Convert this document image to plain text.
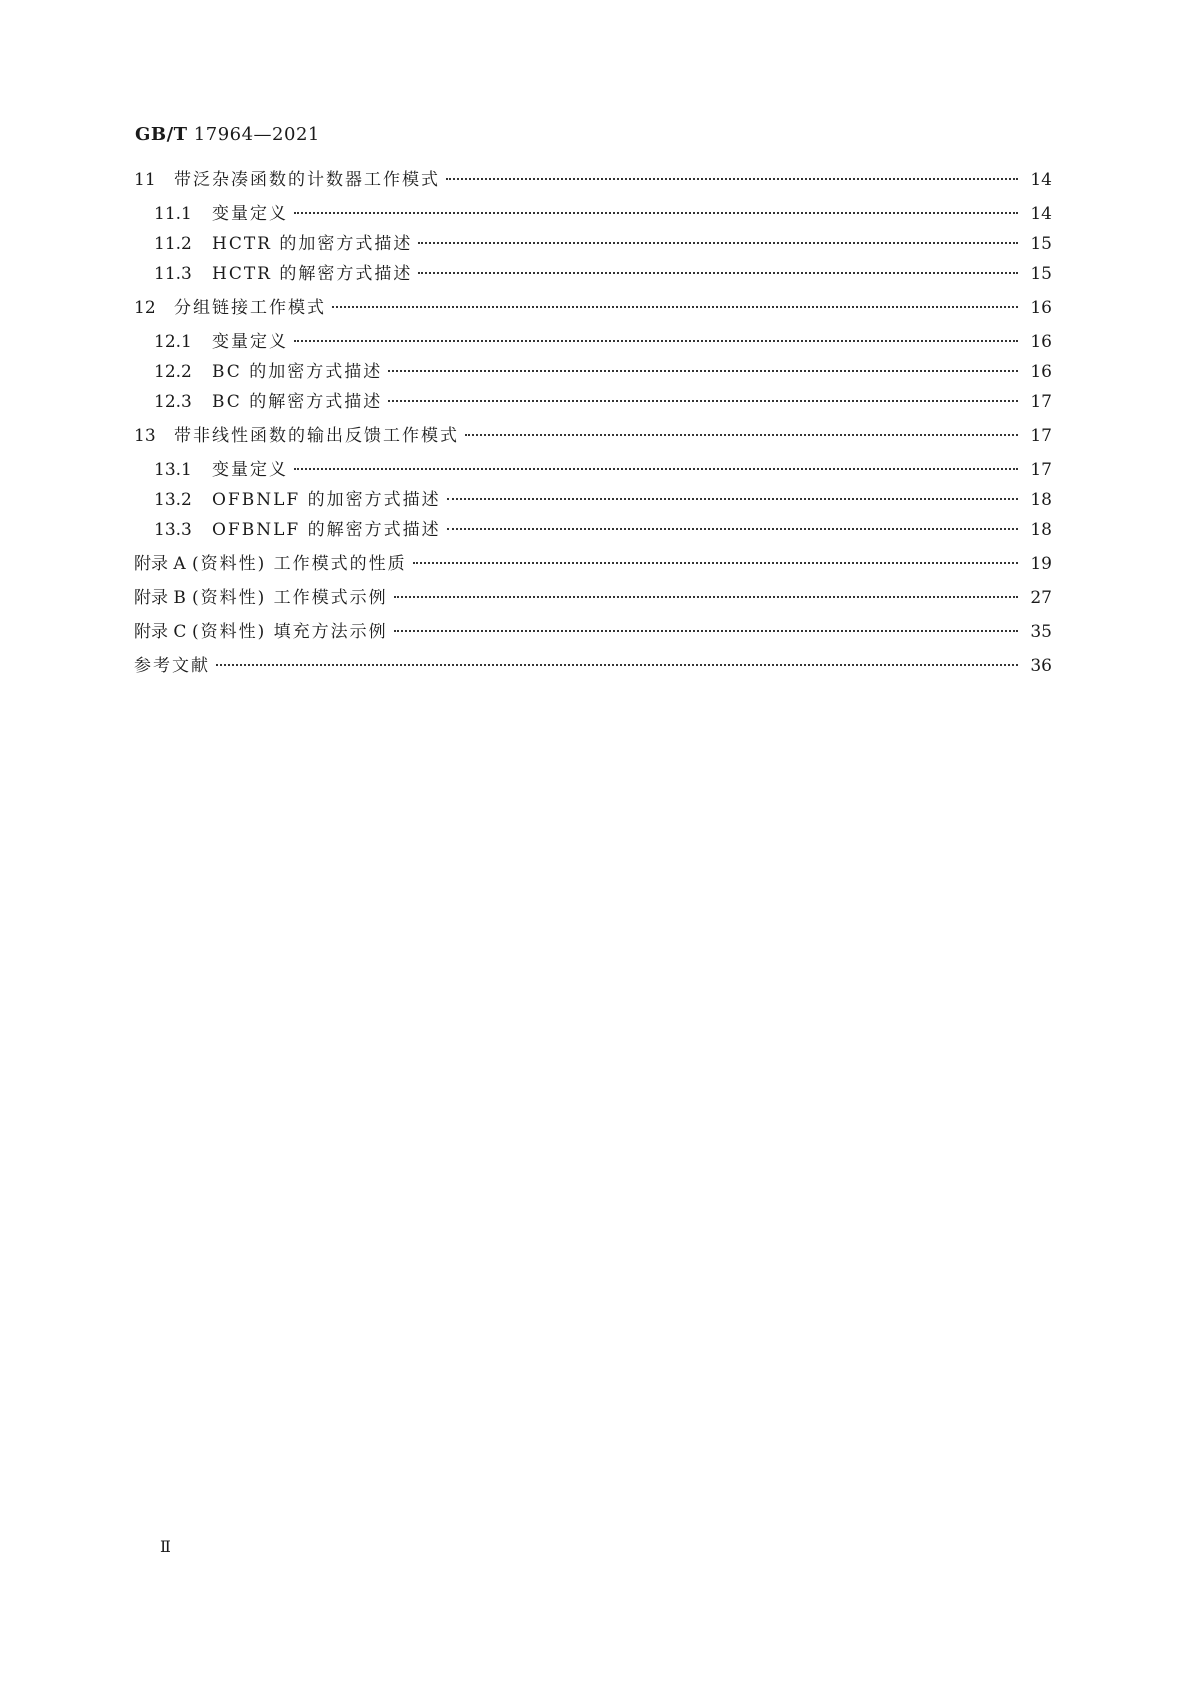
GB/T 17964—2021
11	带泛杂凑函数的计数器工作模式	14
11.1	变量定义	14
11.2	HCTR 的加密方式描述	15
11.3	HCTR 的解密方式描述	15
12	分组链接工作模式	16
12.1	变量定义	16
12.2	BC 的加密方式描述	16
12.3	BC 的解密方式描述	17
13	带非线性函数的输出反馈工作模式	17
13.1	变量定义	17
13.2	OFBNLF 的加密方式描述	18
13.3	OFBNLF 的解密方式描述	18
附录 A (资料性) 工作模式的性质	19
附录 B (资料性) 工作模式示例	27
附录 C (资料性) 填充方法示例	35
参考文献	36
Ⅱ
